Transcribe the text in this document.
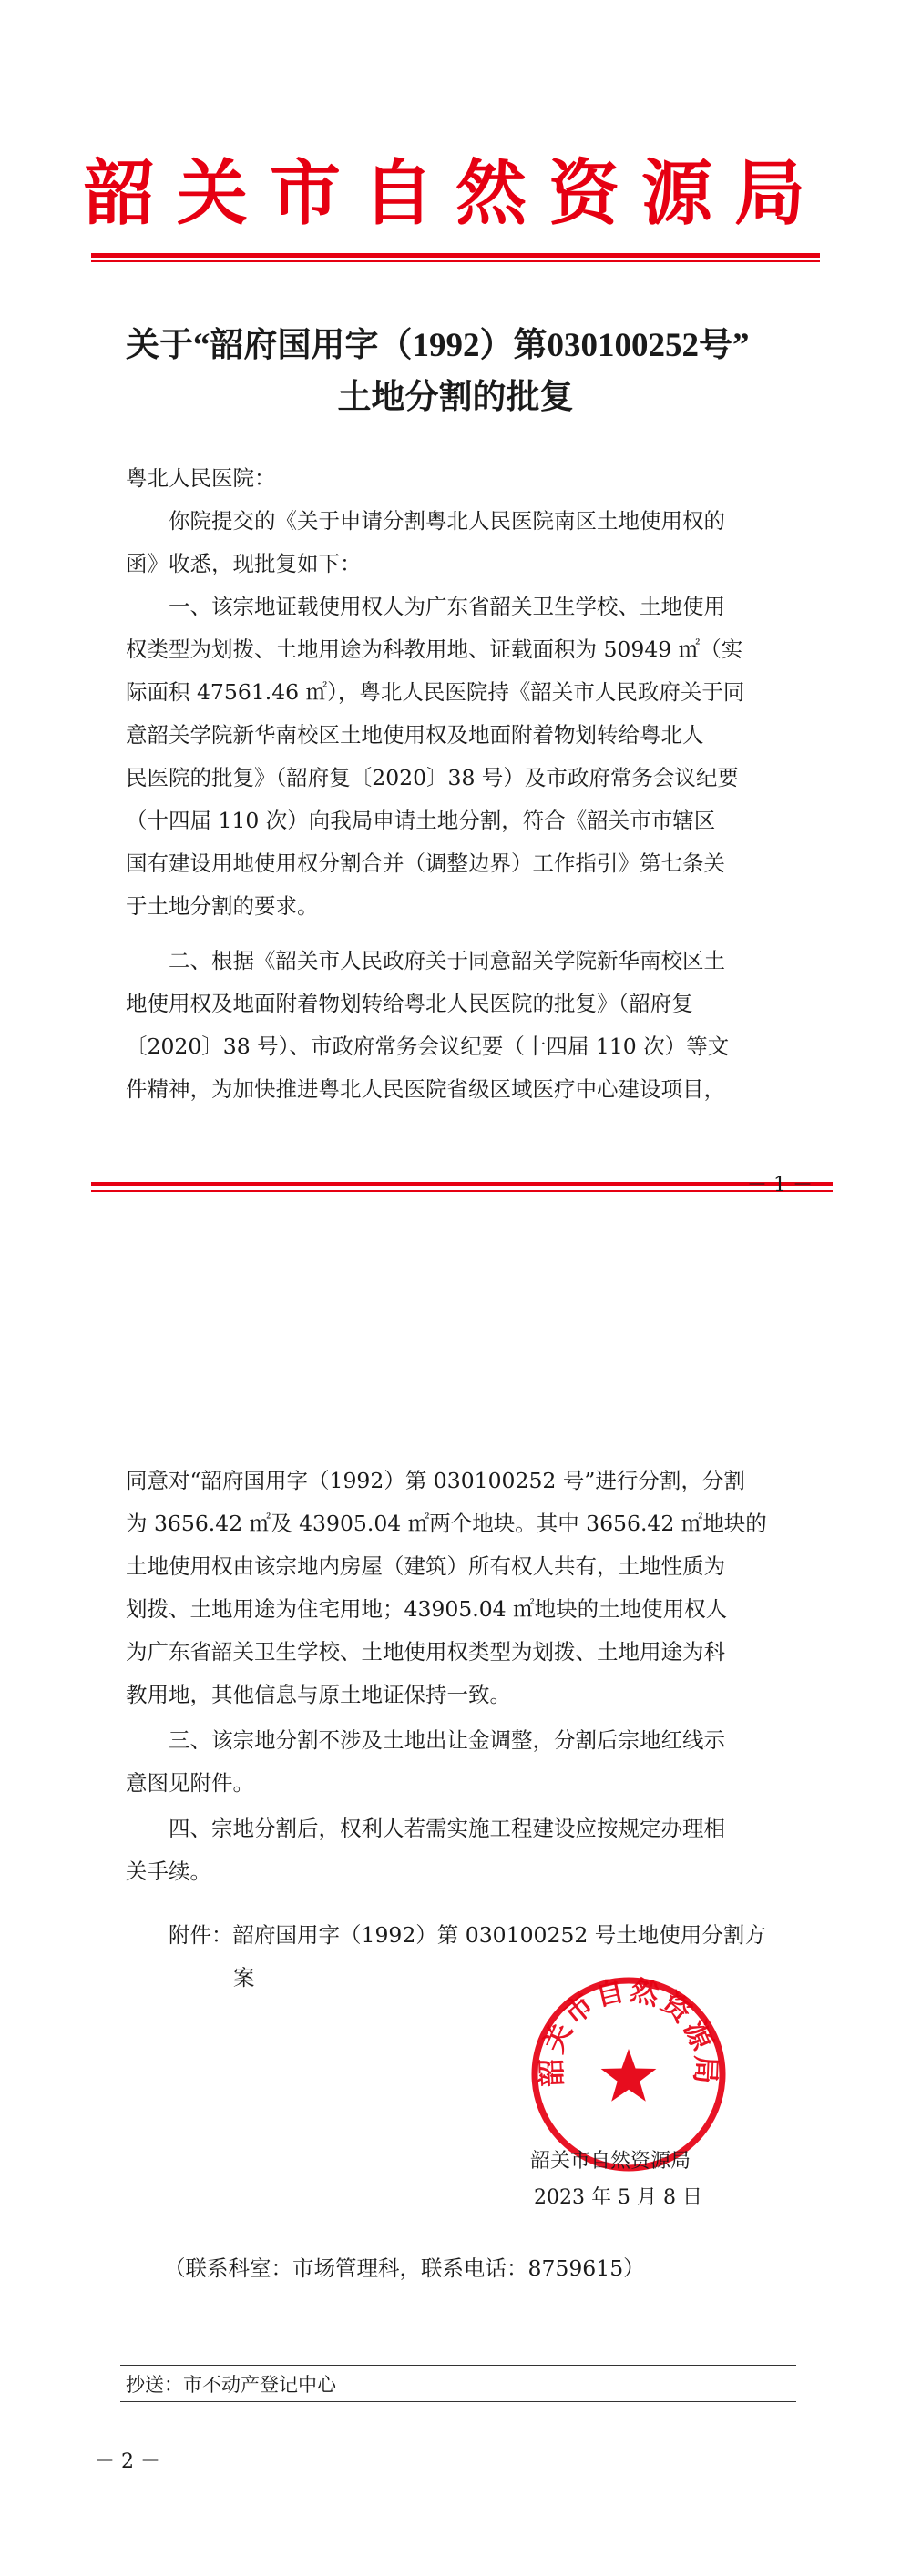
韶关市自然资源局
关于“韶府国用字（1992）第030100252号”
土地分割的批复
粤北人民医院：
你院提交的《关于申请分割粤北人民医院南区土地使用权的
函》收悉，现批复如下：
一、该宗地证载使用权人为广东省韶关卫生学校、土地使用
权类型为划拨、土地用途为科教用地、证载面积为 50949 ㎡（实
际面积 47561.46 ㎡），粤北人民医院持《韶关市人民政府关于同
意韶关学院新华南校区土地使用权及地面附着物划转给粤北人
民医院的批复》（韶府复〔2020〕38 号）及市政府常务会议纪要
（十四届 110 次）向我局申请土地分割，符合《韶关市市辖区
国有建设用地使用权分割合并（调整边界）工作指引》第七条关
于土地分割的要求。
二、根据《韶关市人民政府关于同意韶关学院新华南校区土
地使用权及地面附着物划转给粤北人民医院的批复》（韶府复
〔2020〕38 号）、市政府常务会议纪要（十四届 110 次）等文
件精神，为加快推进粤北人民医院省级区域医疗中心建设项目，
－ 1 －
同意对“韶府国用字（1992）第 030100252 号”进行分割，分割
为 3656.42 ㎡及 43905.04 ㎡两个地块。其中 3656.42 ㎡地块的
土地使用权由该宗地内房屋（建筑）所有权人共有，土地性质为
划拨、土地用途为住宅用地；43905.04 ㎡地块的土地使用权人
为广东省韶关卫生学校、土地使用权类型为划拨、土地用途为科
教用地，其他信息与原土地证保持一致。
三、该宗地分割不涉及土地出让金调整，分割后宗地红线示
意图见附件。
四、宗地分割后，权利人若需实施工程建设应按规定办理相
关手续。
附件：韶府国用字（1992）第 030100252 号土地使用分割方
案
韶关市自然资源局
韶关市自然资源局
2023 年 5 月 8 日
（联系科室：市场管理科，联系电话：8759615）
抄送：市不动产登记中心
－ 2 －
